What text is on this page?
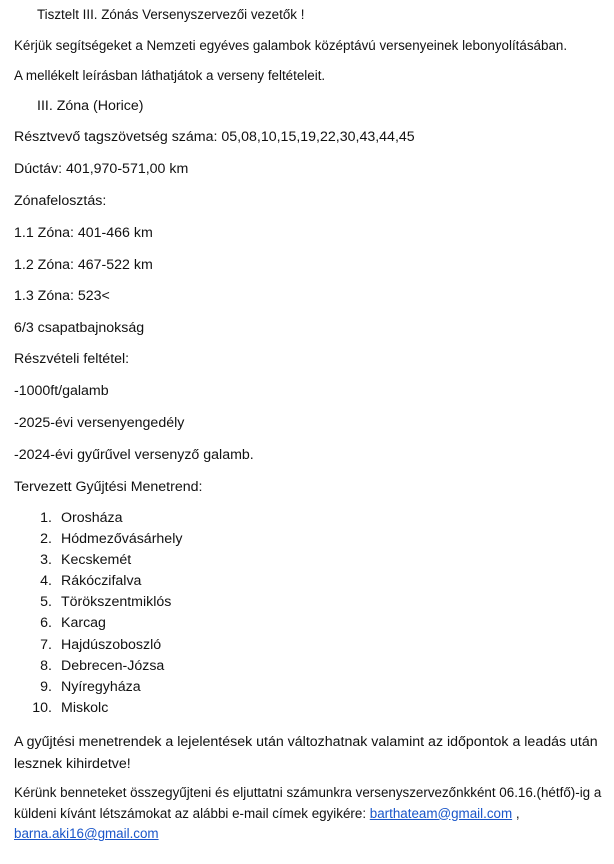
Tisztelt III. Zónás Versenyszervezői vezetők !
Kérjük segítségeket a Nemzeti egyéves galambok középtávú versenyeinek lebonyolításában.
A mellékelt leírásban láthatjátok a verseny feltételeit.
III. Zóna (Horice)
Résztvevő tagszövetség száma: 05,08,10,15,19,22,30,43,44,45
Dúctáv: 401,970-571,00 km
Zónafelosztás:
1.1 Zóna: 401-466 km
1.2 Zóna: 467-522 km
1.3 Zóna: 523<
6/3 csapatbajnokság
Részvételi feltétel:
-1000ft/galamb
-2025-évi versenyengedély
-2024-évi gyűrűvel versenyző galamb.
Tervezett Gyűjtési Menetrend:
1. Orosháza
2. Hódmezővásárhely
3. Kecskemét
4. Rákóczifalva
5. Törökszentmiklós
6. Karcag
7. Hajdúszoboszló
8. Debrecen-Józsa
9. Nyíregyháza
10. Miskolc
A gyűjtési menetrendek a lejelentések után változhatnak valamint az időpontok a leadás után lesznek kihirdetve!
Kérünk benneteket összegyűjteni és eljuttatni számunkra versenyszervezőnkként 06.16.(hétfő)-ig a küldeni kívánt létszámokat az alábbi e-mail címek egyikére: barthateam@gmail.com ,
barna.aki16@gmail.com
